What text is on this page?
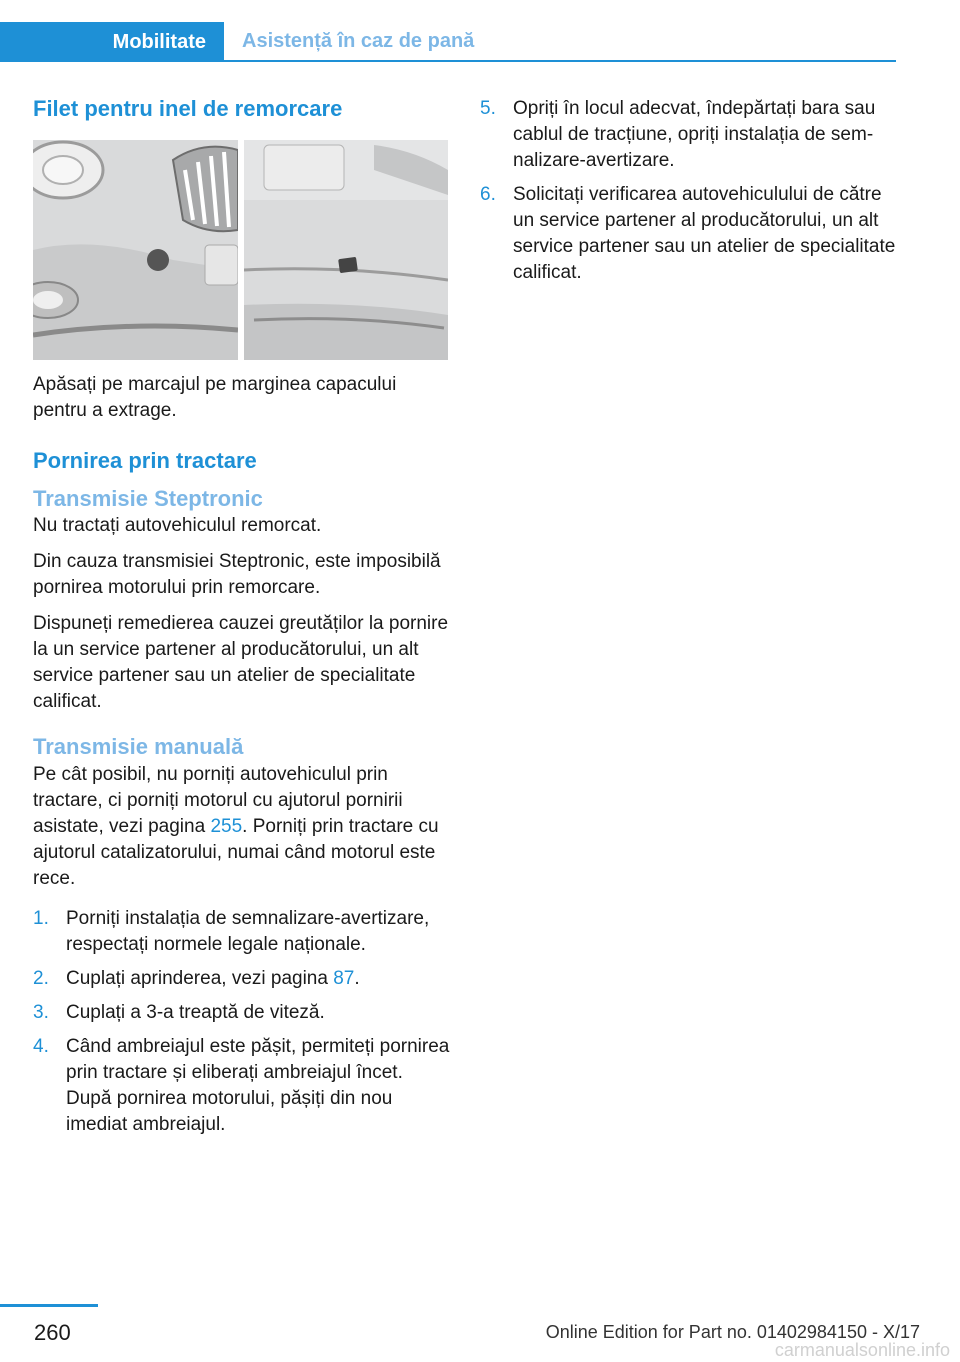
Mobilitate	Asistență în caz de pană
Filet pentru inel de remorcare

Apăsați pe marcajul pe marginea capacului pentru a extrage.

Pornirea prin tractare
Transmisie Steptronic

Nu tractați autovehiculul remorcat.

Din cauza transmisiei Steptronic, este imposibilă pornirea motorului prin remorcare.

Dispuneți remedierea cauzei greutăților la pornire la un service partener al producătorului, un alt service partener sau un atelier de specialitate calificat.

Transmisie manuală

Pe cât posibil, nu porniți autovehiculul prin tractare, ci porniți motorul cu ajutorul pornirii asistate, vezi pagina 255. Porniți prin tractare cu ajutorul catalizatorului, numai când motorul este rece.

1. Porniți instalația de semnalizare-avertizare, respectați normele legale naționale.
2. Cuplați aprinderea, vezi pagina 87.
3. Cuplați a 3-a treaptă de viteză.
4. Când ambreiajul este pășit, permiteți pornirea prin tractare și eliberați ambreiajul încet. După pornirea motorului, pășiți din nou imediat ambreiajul.
5. Opriți în locul adecvat, îndepărtați bara sau cablul de tracțiune, opriți instalația de semnalizare-avertizare.
6. Solicitați verificarea autovehiculului de către un service partener al producătorului, un alt service partener sau un atelier de specialitate calificat.
260	Online Edition for Part no. 01402984150 - X/17
carmanualsonline.info
